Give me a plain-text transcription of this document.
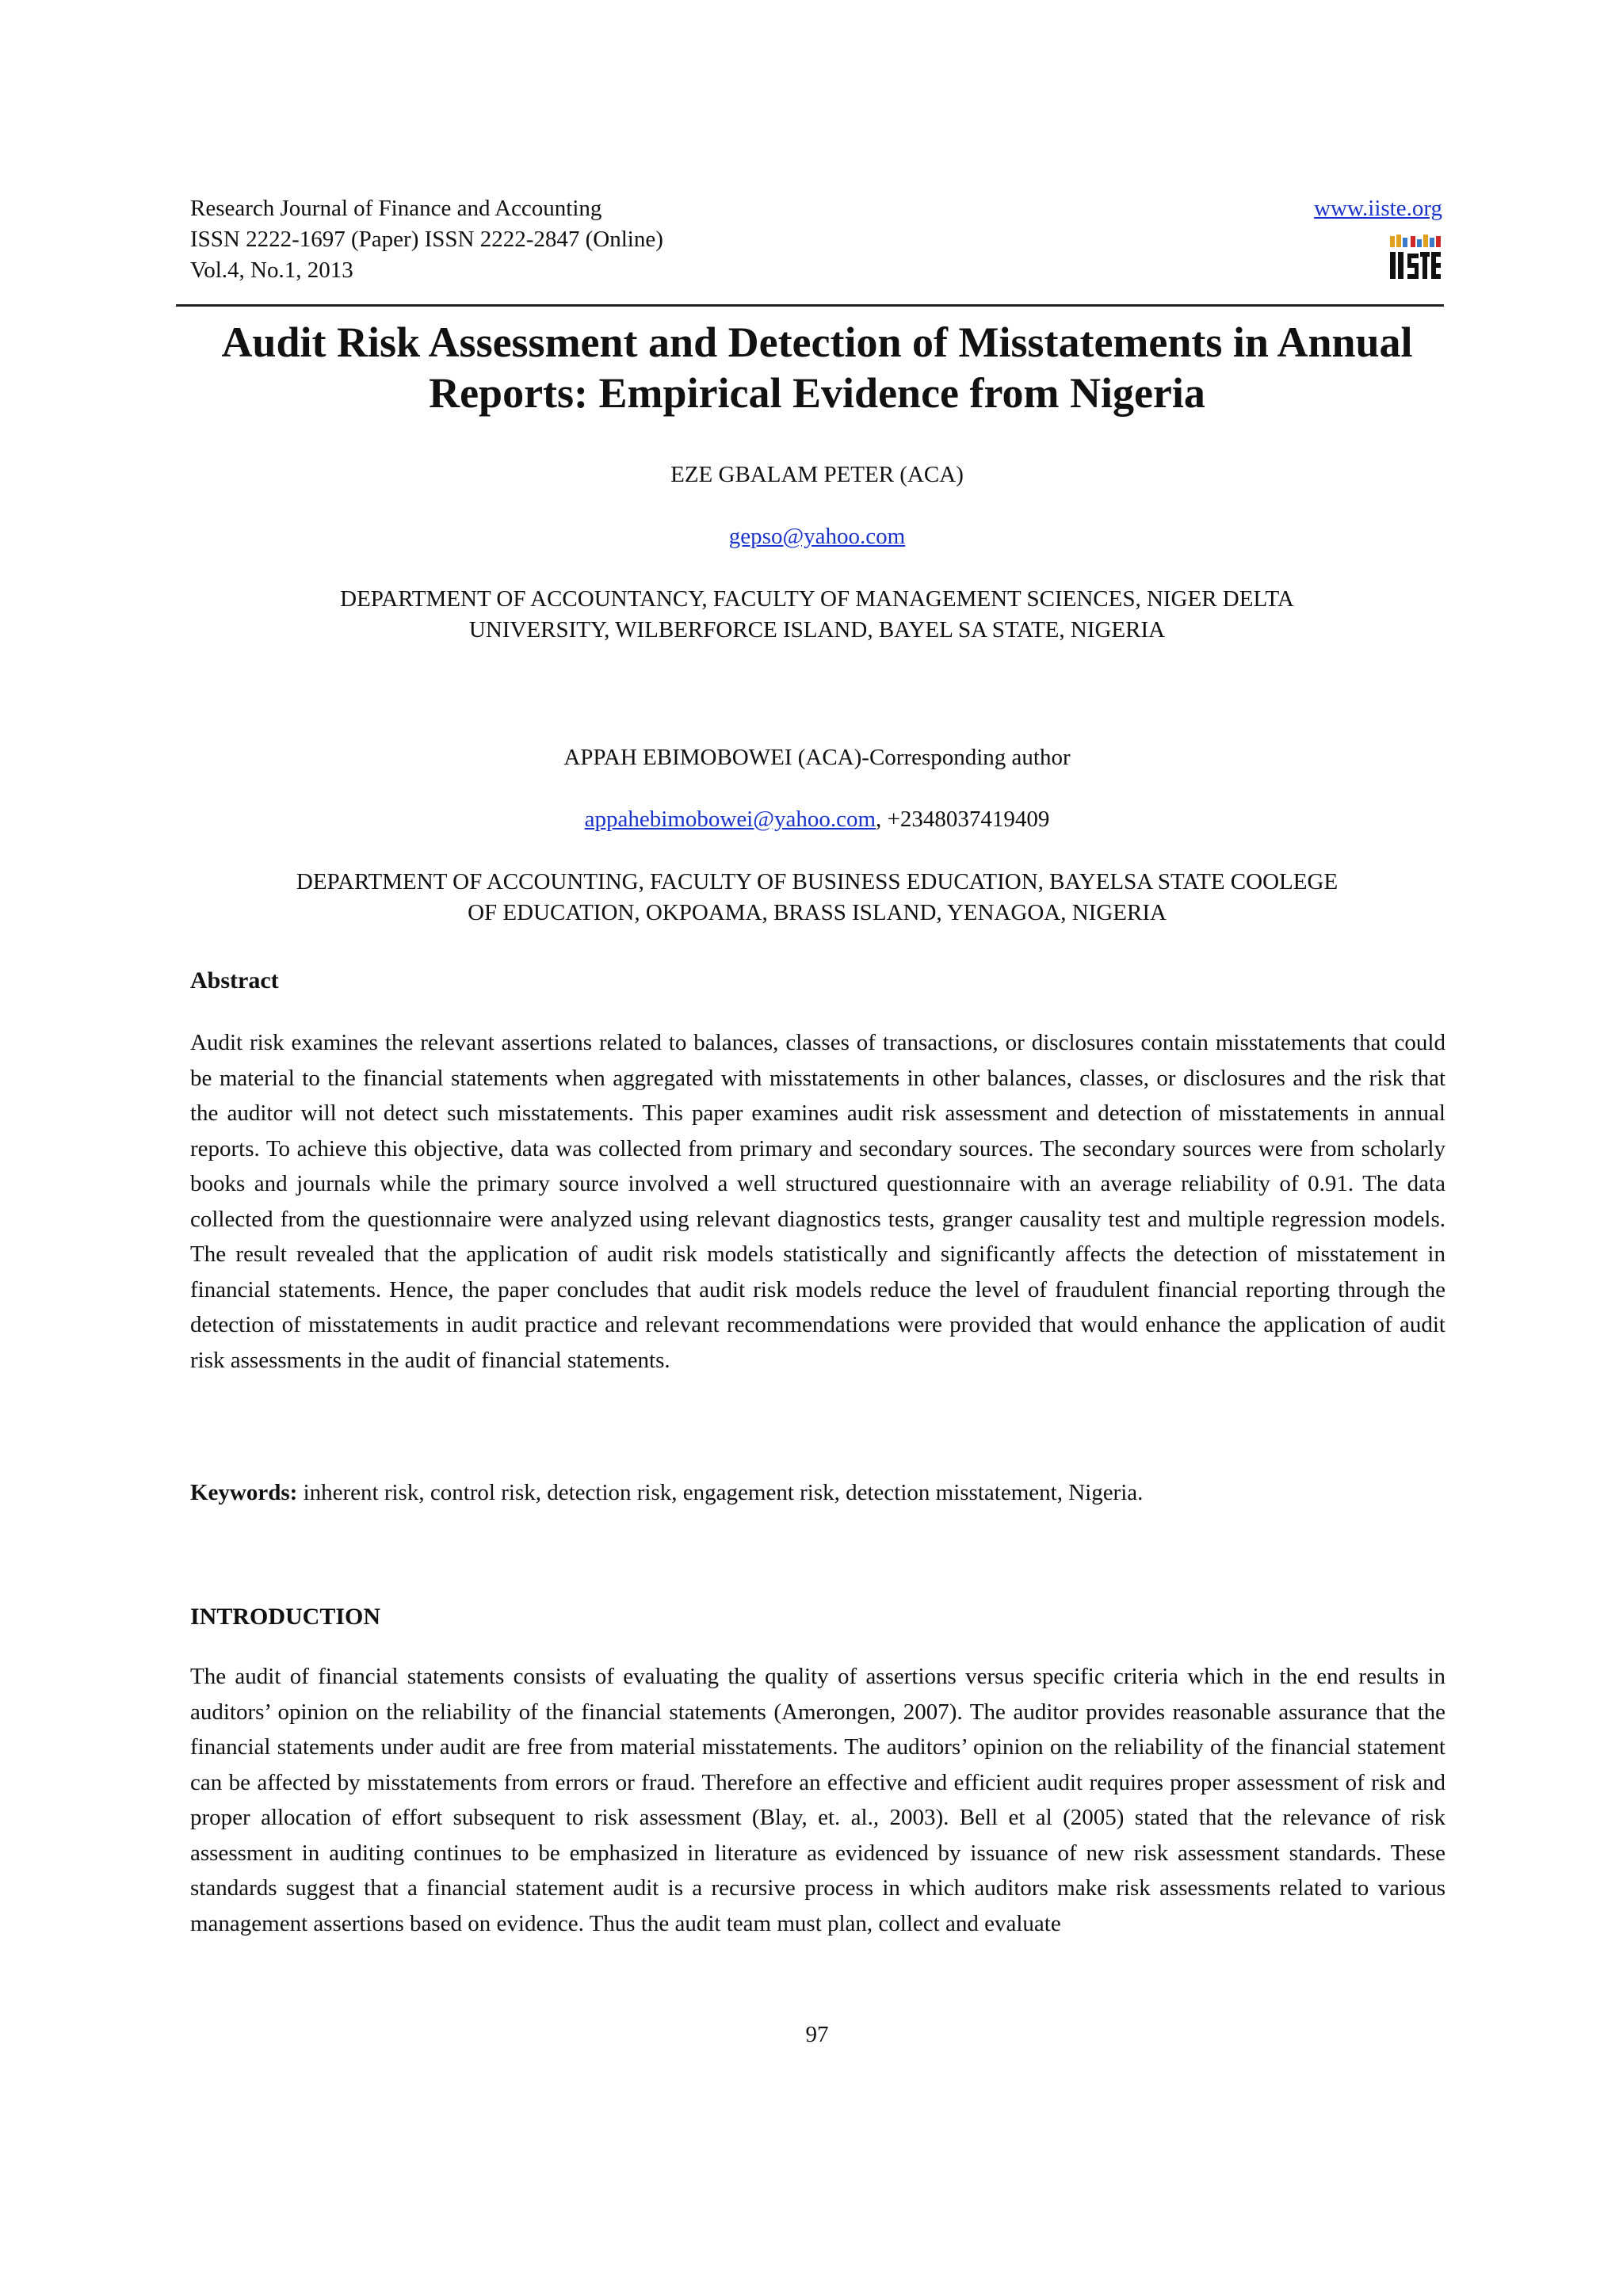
Research Journal of Finance and Accounting
ISSN 2222-1697 (Paper) ISSN 2222-2847 (Online)
Vol.4, No.1, 2013
www.iiste.org
Audit Risk Assessment and Detection of Misstatements in Annual
Reports: Empirical Evidence from Nigeria
EZE GBALAM PETER (ACA)
gepso@yahoo.com
DEPARTMENT OF ACCOUNTANCY, FACULTY OF MANAGEMENT SCIENCES, NIGER DELTA
UNIVERSITY, WILBERFORCE ISLAND, BAYEL SA STATE, NIGERIA
APPAH EBIMOBOWEI (ACA)-Corresponding author
appahebimobowei@yahoo.com, +2348037419409
DEPARTMENT OF ACCOUNTING, FACULTY OF BUSINESS EDUCATION, BAYELSA STATE COOLEGE
OF EDUCATION, OKPOAMA, BRASS ISLAND, YENAGOA, NIGERIA
Abstract
Audit risk examines the relevant assertions related to balances, classes of transactions, or disclosures contain misstatements that could be material to the financial statements when aggregated with misstatements in other balances, classes, or disclosures and the risk that the auditor will not detect such misstatements. This paper examines audit risk assessment and detection of misstatements in annual reports. To achieve this objective, data was collected from primary and secondary sources. The secondary sources were from scholarly books and journals while the primary source involved a well structured questionnaire with an average reliability of 0.91. The data collected from the questionnaire were analyzed using relevant diagnostics tests, granger causality test and multiple regression models. The result revealed that the application of audit risk models statistically and significantly affects the detection of misstatement in financial statements. Hence, the paper concludes that audit risk models reduce the level of fraudulent financial reporting through the detection of misstatements in audit practice and relevant recommendations were provided that would enhance the application of audit risk assessments in the audit of financial statements.
Keywords: inherent risk, control risk, detection risk, engagement risk, detection misstatement, Nigeria.
INTRODUCTION
The audit of financial statements consists of evaluating the quality of assertions versus specific criteria which in the end results in auditors’ opinion on the reliability of the financial statements (Amerongen, 2007). The auditor provides reasonable assurance that the financial statements under audit are free from material misstatements. The auditors’ opinion on the reliability of the financial statement can be affected by misstatements from errors or fraud. Therefore an effective and efficient audit requires proper assessment of risk and proper allocation of effort subsequent to risk assessment (Blay, et. al., 2003). Bell et al (2005) stated that the relevance of risk assessment in auditing continues to be emphasized in literature as evidenced by issuance of new risk assessment standards. These standards suggest that a financial statement audit is a recursive process in which auditors make risk assessments related to various management assertions based on evidence. Thus the audit team must plan, collect and evaluate
97
